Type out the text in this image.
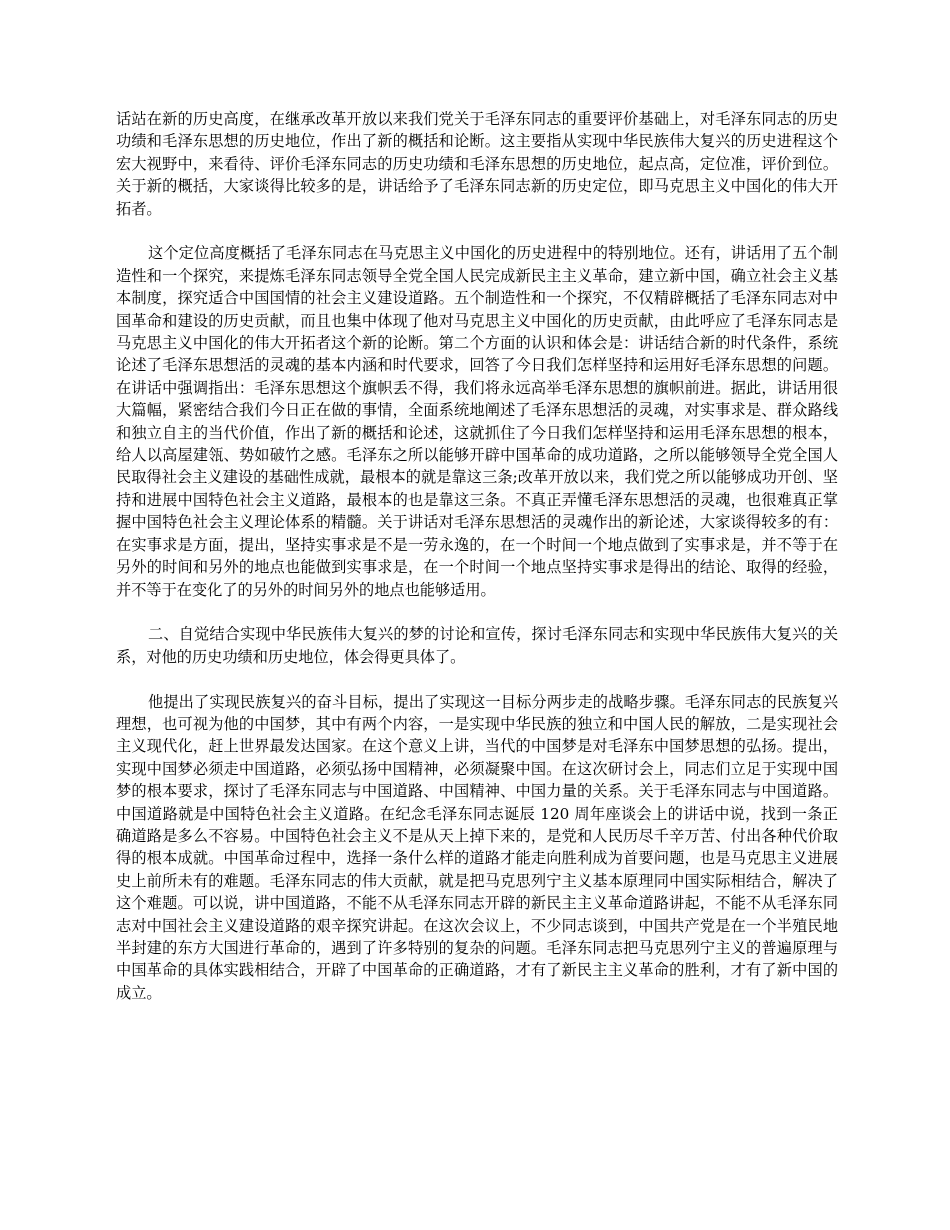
话站在新的历史高度，在继承改革开放以来我们党关于毛泽东同志的重要评价基础上，对毛泽东同志的历史功绩和毛泽东思想的历史地位，作出了新的概括和论断。这主要指从实现中华民族伟大复兴的历史进程这个宏大视野中，来看待、评价毛泽东同志的历史功绩和毛泽东思想的历史地位，起点高，定位准，评价到位。关于新的概括，大家谈得比较多的是，讲话给予了毛泽东同志新的历史定位，即马克思主义中国化的伟大开拓者。

这个定位高度概括了毛泽东同志在马克思主义中国化的历史进程中的特别地位。还有，讲话用了五个制造性和一个探究，来提炼毛泽东同志领导全党全国人民完成新民主主义革命，建立新中国，确立社会主义基本制度，探究适合中国国情的社会主义建设道路。五个制造性和一个探究，不仅精辟概括了毛泽东同志对中国革命和建设的历史贡献，而且也集中体现了他对马克思主义中国化的历史贡献，由此呼应了毛泽东同志是马克思主义中国化的伟大开拓者这个新的论断。第二个方面的认识和体会是：讲话结合新的时代条件，系统论述了毛泽东思想活的灵魂的基本内涵和时代要求，回答了今日我们怎样坚持和运用好毛泽东思想的问题。在讲话中强调指出：毛泽东思想这个旗帜丢不得，我们将永远高举毛泽东思想的旗帜前进。据此，讲话用很大篇幅，紧密结合我们今日正在做的事情，全面系统地阐述了毛泽东思想活的灵魂，对实事求是、群众路线和独立自主的当代价值，作出了新的概括和论述，这就抓住了今日我们怎样坚持和运用毛泽东思想的根本，给人以高屋建瓴、势如破竹之感。毛泽东之所以能够开辟中国革命的成功道路，之所以能够领导全党全国人民取得社会主义建设的基础性成就，最根本的就是靠这三条;改革开放以来，我们党之所以能够成功开创、坚持和进展中国特色社会主义道路，最根本的也是靠这三条。不真正弄懂毛泽东思想活的灵魂，也很难真正掌握中国特色社会主义理论体系的精髓。关于讲话对毛泽东思想活的灵魂作出的新论述，大家谈得较多的有：在实事求是方面，提出，坚持实事求是不是一劳永逸的，在一个时间一个地点做到了实事求是，并不等于在另外的时间和另外的地点也能做到实事求是，在一个时间一个地点坚持实事求是得出的结论、取得的经验，并不等于在变化了的另外的时间另外的地点也能够适用。

二、自觉结合实现中华民族伟大复兴的梦的讨论和宣传，探讨毛泽东同志和实现中华民族伟大复兴的关系，对他的历史功绩和历史地位，体会得更具体了。

他提出了实现民族复兴的奋斗目标，提出了实现这一目标分两步走的战略步骤。毛泽东同志的民族复兴理想，也可视为他的中国梦，其中有两个内容，一是实现中华民族的独立和中国人民的解放，二是实现社会主义现代化，赶上世界最发达国家。在这个意义上讲，当代的中国梦是对毛泽东中国梦思想的弘扬。提出，实现中国梦必须走中国道路，必须弘扬中国精神，必须凝聚中国。在这次研讨会上，同志们立足于实现中国梦的根本要求，探讨了毛泽东同志与中国道路、中国精神、中国力量的关系。关于毛泽东同志与中国道路。中国道路就是中国特色社会主义道路。在纪念毛泽东同志诞辰 120 周年座谈会上的讲话中说，找到一条正确道路是多么不容易。中国特色社会主义不是从天上掉下来的，是党和人民历尽千辛万苦、付出各种代价取得的根本成就。中国革命过程中，选择一条什么样的道路才能走向胜利成为首要问题，也是马克思主义进展史上前所未有的难题。毛泽东同志的伟大贡献，就是把马克思列宁主义基本原理同中国实际相结合，解决了这个难题。可以说，讲中国道路，不能不从毛泽东同志开辟的新民主主义革命道路讲起，不能不从毛泽东同志对中国社会主义建设道路的艰辛探究讲起。在这次会议上，不少同志谈到，中国共产党是在一个半殖民地半封建的东方大国进行革命的，遇到了许多特别的复杂的问题。毛泽东同志把马克思列宁主义的普遍原理与中国革命的具体实践相结合，开辟了中国革命的正确道路，才有了新民主主义革命的胜利，才有了新中国的成立。
